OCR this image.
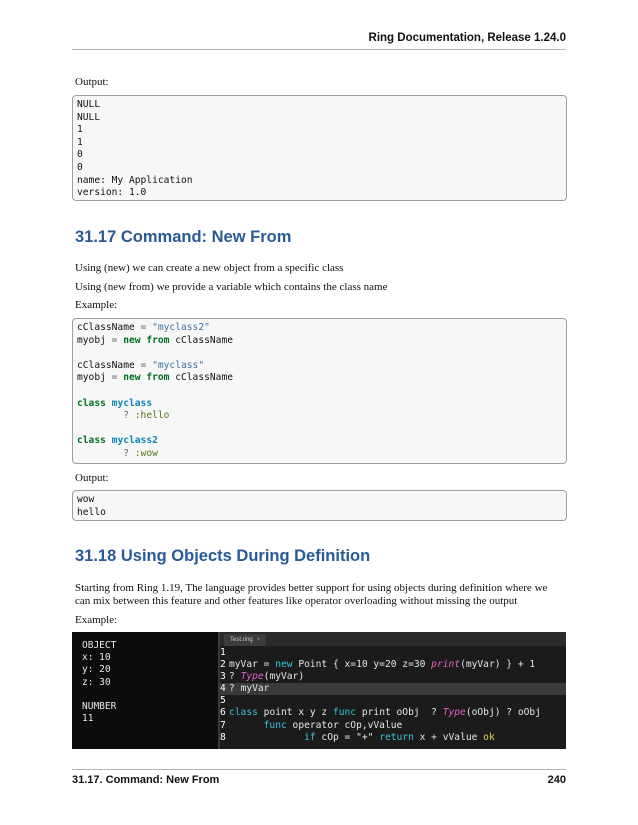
Ring Documentation, Release 1.24.0
Output:
NULL
NULL
1
1
0
0
name: My Application
version: 1.0
31.17 Command: New From
Using (new) we can create a new object from a specific class
Using (new from) we provide a variable which contains the class name
Example:
cClassName = "myclass2"
myobj = new from cClassName
cClassName = "myclass"
myobj = new from cClassName
class myclass
? :hello
class myclass2
? :wow
Output:
wow
hello
31.18 Using Objects During Definition
Starting from Ring 1.19, The language provides better support for using objects during definition where we can mix between this feature and other features like operator overloading without missing the output
Example:
OBJECT
x: 10
y: 20
z: 30
NUMBER
11
Test.ring ×
1
2 myVar = new Point { x=10 y=20 z=30 print(myVar) } + 1
3 ? Type(myVar)
4 ? myVar
5
6 class point x y z func print oObj  ? Type(oObj) ? oObj
7	func operator cOp,vValue
8	if cOp = "+" return x + vValue ok
31.17. Command: New From	240
